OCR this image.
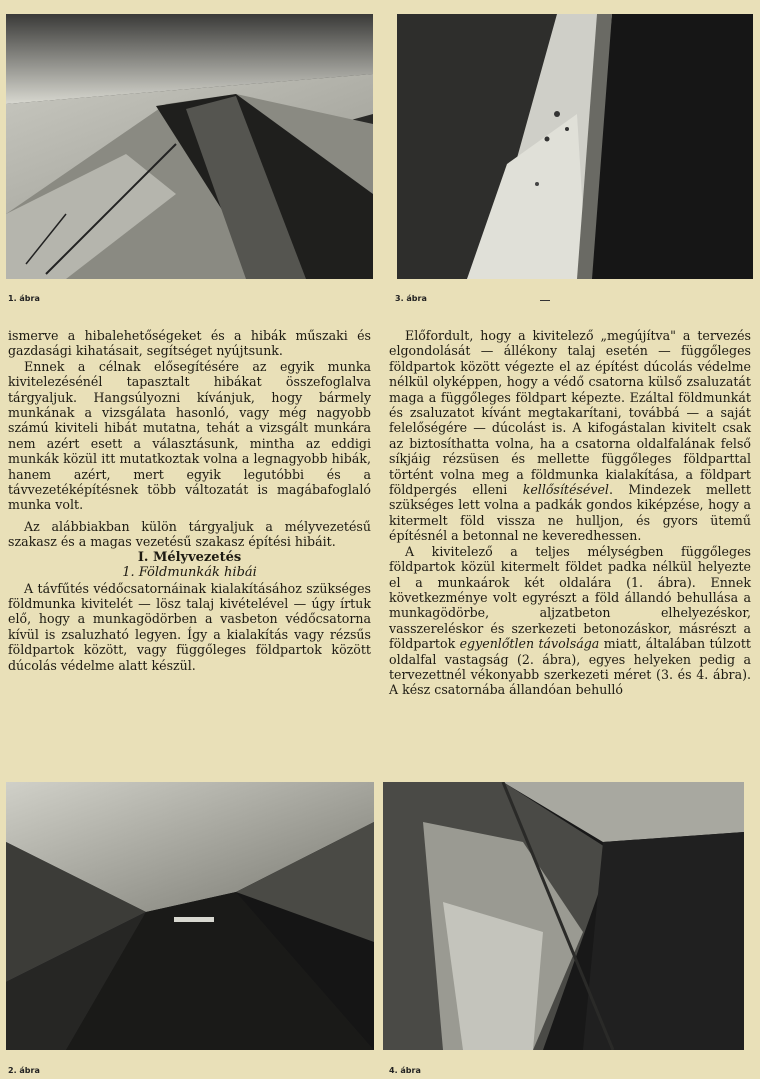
1. ábra	3. ábra

ismerve a hibalehetőségeket és a hibák műszaki és gazdasági kihatásait, segítséget nyújtsunk.

Ennek a célnak elősegítésére az egyik munka kivitelezésénél tapasztalt hibákat összefoglalva tárgyaljuk. Hangsúlyozni kívánjuk, hogy bármely munkának a vizsgálata hasonló, vagy még nagyobb számú kiviteli hibát mutatna, tehát a vizsgált munkára nem azért esett a választásunk, mintha az eddigi munkák közül itt mutatkoztak volna a legnagyobb hibák, hanem azért, mert egyik legutóbbi és a távvezetéképítésnek több változatát is magábafoglaló munka volt.

Az alábbiakban külön tárgyaljuk a mélyvezetésű szakasz és a magas vezetésű szakasz építési hibáit.

I. Mélyvezetés

1. Földmunkák hibái

A távfűtés védőcsatornáinak kialakításához szükséges földmunka kivitelét — lösz talaj kivételével — úgy írtuk elő, hogy a munkagödörben a vasbeton védőcsatorna kívül is zsaluzható legyen. Így a kialakítás vagy rézsűs földpartok között, vagy függőleges földpartok között dúcolás védelme alatt készül.

Előfordult, hogy a kivitelező „megújítva" a tervezés elgondolását — állékony talaj esetén — függőleges földpartok között végezte el az építést dúcolás védelme nélkül olyképpen, hogy a védő csatorna külső zsaluzatát maga a függőleges földpart képezte. Ezáltal földmunkát és zsaluzatot kívánt megtakarítani, továbbá — a saját felelőségére — dúcolást is. A kifogástalan kivitelt csak az biztosíthatta volna, ha a csatorna oldalfalának felső síkjáig rézsüsen és mellette függőleges földparttal történt volna meg a földmunka kialakítása, a földpart földpergés elleni kellősítésével. Mindezek mellett szükséges lett volna a padkák gondos kiképzése, hogy a kitermelt föld vissza ne hulljon, és gyors ütemű építésnél a betonnal ne keveredhessen.

A kivitelező a teljes mélységben függőleges földpartok közül kitermelt földet padka nélkül helyezte el a munkaárok két oldalára (1. ábra). Ennek következménye volt egyrészt a föld állandó behullása a munkagödörbe, aljzatbeton elhelyezéskor, vasszereléskor és szerkezeti betonozáskor, másrészt a földpartok egyenlőtlen távolsága miatt, általában túlzott oldalfal vastagság (2. ábra), egyes helyeken pedig a tervezettnél vékonyabb szerkezeti méret (3. és 4. ábra). A kész csatornába állandóan behulló

2. ábra	4. ábra
